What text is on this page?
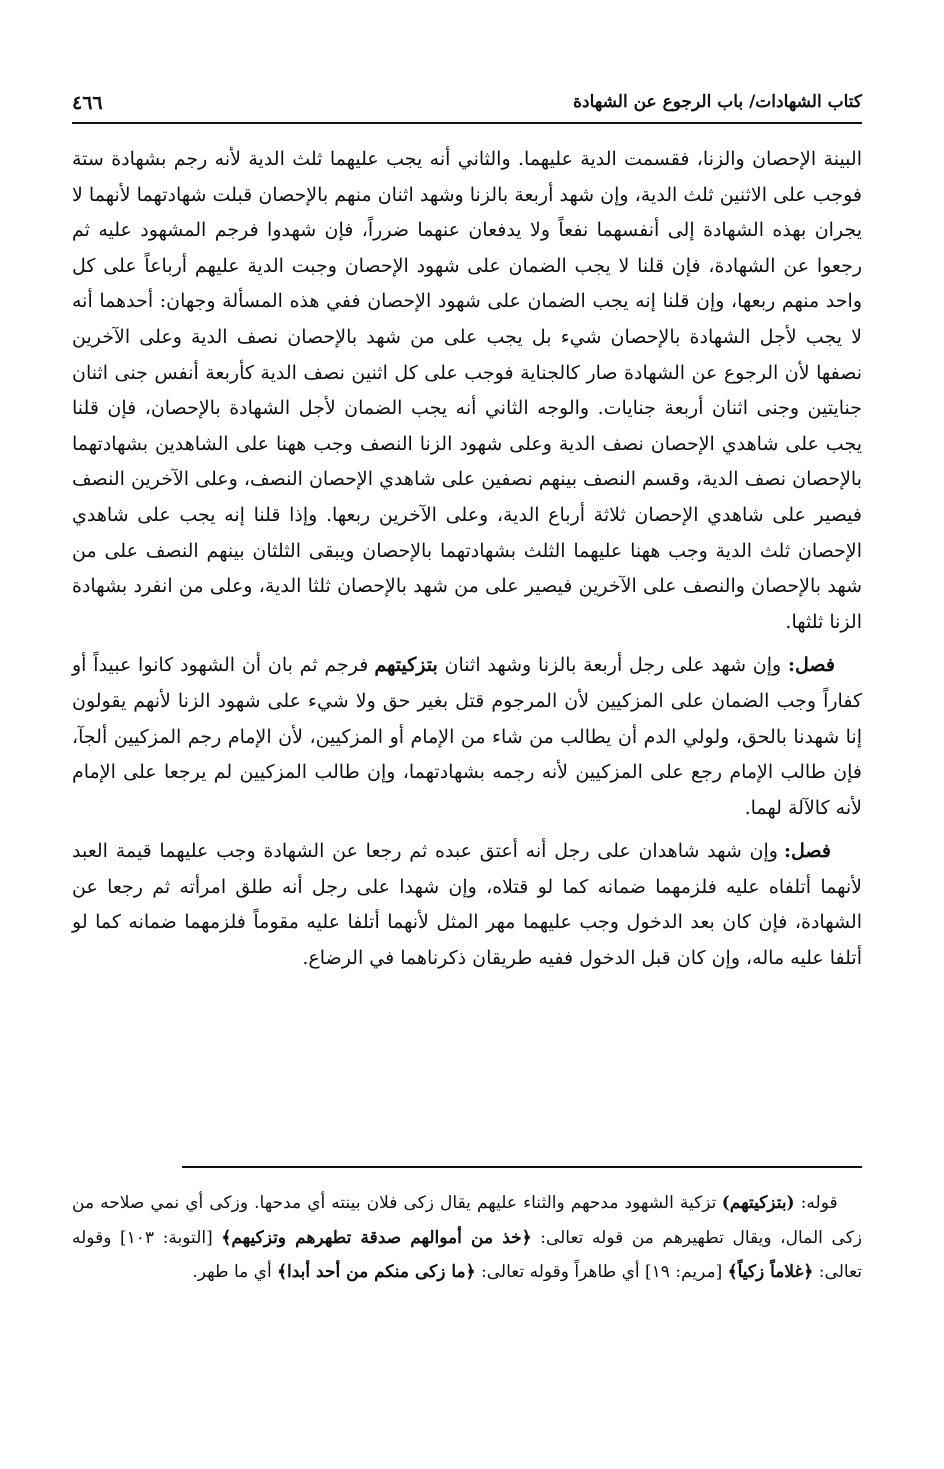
كتاب الشهادات/ باب الرجوع عن الشهادة
٤٦٦

البينة الإحصان والزنا، فقسمت الدية عليهما. والثاني أنه يجب عليهما ثلث الدية لأنه رجم بشهادة ستة فوجب على الاثنين ثلث الدية، وإن شهد أربعة بالزنا وشهد اثنان منهم بالإحصان قبلت شهادتهما لأنهما لا يجران بهذه الشهادة إلى أنفسهما نفعاً ولا يدفعان عنهما ضرراً، فإن شهدوا فرجم المشهود عليه ثم رجعوا عن الشهادة، فإن قلنا لا يجب الضمان على شهود الإحصان وجبت الدية عليهم أرباعاً على كل واحد منهم ربعها، وإن قلنا إنه يجب الضمان على شهود الإحصان ففي هذه المسألة وجهان: أحدهما أنه لا يجب لأجل الشهادة بالإحصان شيء بل يجب على من شهد بالإحصان نصف الدية وعلى الآخرين نصفها لأن الرجوع عن الشهادة صار كالجناية فوجب على كل اثنين نصف الدية كأربعة أنفس جنى اثنان جنايتين وجنى اثنان أربعة جنايات. والوجه الثاني أنه يجب الضمان لأجل الشهادة بالإحصان، فإن قلنا يجب على شاهدي الإحصان نصف الدية وعلى شهود الزنا النصف وجب ههنا على الشاهدين بشهادتهما بالإحصان نصف الدية، وقسم النصف بينهم نصفين على شاهدي الإحصان النصف، وعلى الآخرين النصف فيصير على شاهدي الإحصان ثلاثة أرباع الدية، وعلى الآخرين ربعها. وإذا قلنا إنه يجب على شاهدي الإحصان ثلث الدية وجب ههنا عليهما الثلث بشهادتهما بالإحصان ويبقى الثلثان بينهم النصف على من شهد بالإحصان والنصف على الآخرين فيصير على من شهد بالإحصان ثلثا الدية، وعلى من انفرد بشهادة الزنا ثلثها.

فصل: وإن شهد على رجل أربعة بالزنا وشهد اثنان بتزكيتهم فرجم ثم بان أن الشهود كانوا عبيداً أو كفاراً وجب الضمان على المزكيين لأن المرجوم قتل بغير حق ولا شيء على شهود الزنا لأنهم يقولون إنا شهدنا بالحق، ولولي الدم أن يطالب من شاء من الإمام أو المزكيين، لأن الإمام رجم المزكيين ألجآ، فإن طالب الإمام رجع على المزكيين لأنه رجمه بشهادتهما، وإن طالب المزكيين لم يرجعا على الإمام لأنه كالآلة لهما.

فصل: وإن شهد شاهدان على رجل أنه أعتق عبده ثم رجعا عن الشهادة وجب عليهما قيمة العبد لأنهما أتلفاه عليه فلزمهما ضمانه كما لو قتلاه، وإن شهدا على رجل أنه طلق امرأته ثم رجعا عن الشهادة، فإن كان بعد الدخول وجب عليهما مهر المثل لأنهما أتلفا عليه مقوماً فلزمهما ضمانه كما لو أتلفا عليه ماله، وإن كان قبل الدخول ففيه طريقان ذكرناهما في الرضاع.

قوله: (بتزكيتهم) تزكية الشهود مدحهم والثناء عليهم يقال زكى فلان بينته أي مدحها. وزكى أي نمي صلاحه من زكى المال، ويقال تطهيرهم من قوله تعالى: ﴿خذ من أموالهم صدقة تطهرهم وتزكيهم﴾ [التوبة: ١٠٣] وقوله تعالى: ﴿غلاماً زكياً﴾ [مريم: ١٩] أي طاهراً وقوله تعالى: ﴿ما زكى منكم من أحد أبدا﴾ أي ما طهر.
